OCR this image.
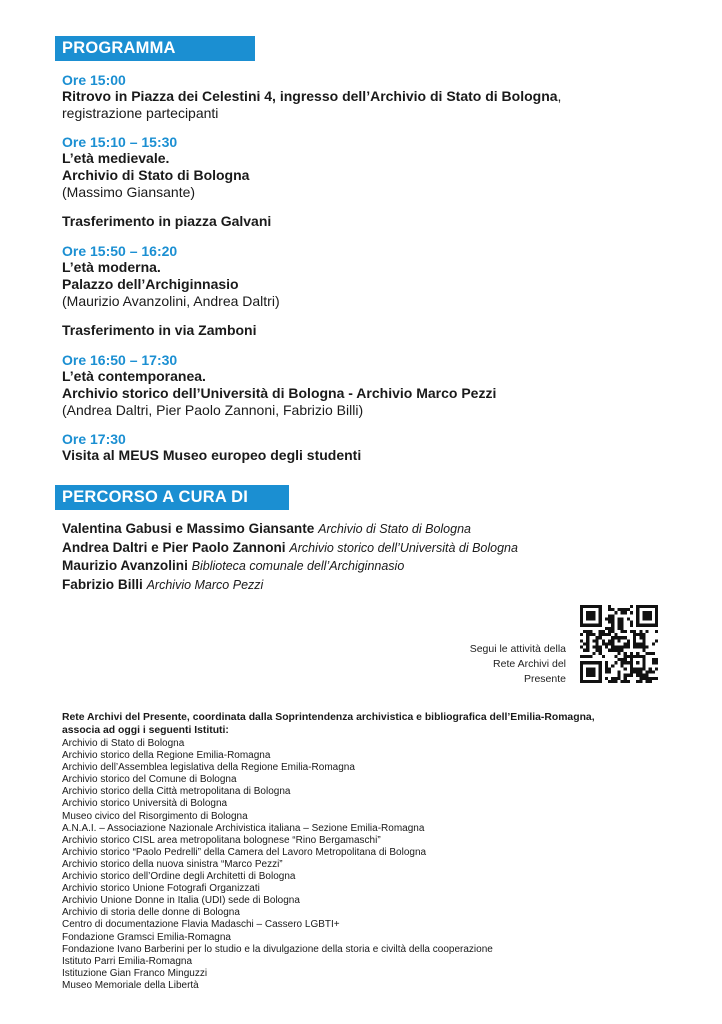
PROGRAMMA
Ore 15:00
Ritrovo in Piazza dei Celestini 4, ingresso dell’Archivio di Stato di Bologna,
registrazione partecipanti
Ore 15:10 – 15:30
L’età medievale.
Archivio di Stato di Bologna
(Massimo Giansante)
Trasferimento in piazza Galvani
Ore 15:50 – 16:20
L’età moderna.
Palazzo dell’Archiginnasio
(Maurizio Avanzolini, Andrea Daltri)
Trasferimento in via Zamboni
Ore 16:50 – 17:30
L’età contemporanea.
Archivio storico dell’Università di Bologna - Archivio Marco Pezzi
(Andrea Daltri, Pier Paolo Zannoni, Fabrizio Billi)
Ore 17:30
Visita al MEUS Museo europeo degli studenti
PERCORSO A CURA DI
Valentina Gabusi e Massimo Giansante Archivio di Stato di Bologna
Andrea Daltri e Pier Paolo Zannoni Archivio storico dell’Università di Bologna
Maurizio Avanzolini Biblioteca comunale dell’Archiginnasio
Fabrizio Billi Archivio Marco Pezzi
Segui le attività della
Rete Archivi del
Presente
Rete Archivi del Presente, coordinata dalla Soprintendenza archivistica e bibliografica dell’Emilia-Romagna,
associa ad oggi i seguenti Istituti:
Archivio di Stato di Bologna
Archivio storico della Regione Emilia-Romagna
Archivio dell’Assemblea legislativa della Regione Emilia-Romagna
Archivio storico del Comune di Bologna
Archivio storico della Città metropolitana di Bologna
Archivio storico Università di Bologna
Museo civico del Risorgimento di Bologna
A.N.A.I. – Associazione Nazionale Archivistica italiana – Sezione Emilia-Romagna
Archivio storico CISL area metropolitana bolognese “Rino Bergamaschi”
Archivio storico “Paolo Pedrelli” della Camera del Lavoro Metropolitana di Bologna
Archivio storico della nuova sinistra “Marco Pezzi”
Archivio storico dell’Ordine degli Architetti di Bologna
Archivio storico Unione Fotografi Organizzati
Archivio Unione Donne in Italia (UDI) sede di Bologna
Archivio di storia delle donne di Bologna
Centro di documentazione Flavia Madaschi – Cassero LGBTI+
Fondazione Gramsci Emilia-Romagna
Fondazione Ivano Barberini per lo studio e la divulgazione della storia e civiltà della cooperazione
Istituto Parri Emilia-Romagna
Istituzione Gian Franco Minguzzi
Museo Memoriale della Libertà
